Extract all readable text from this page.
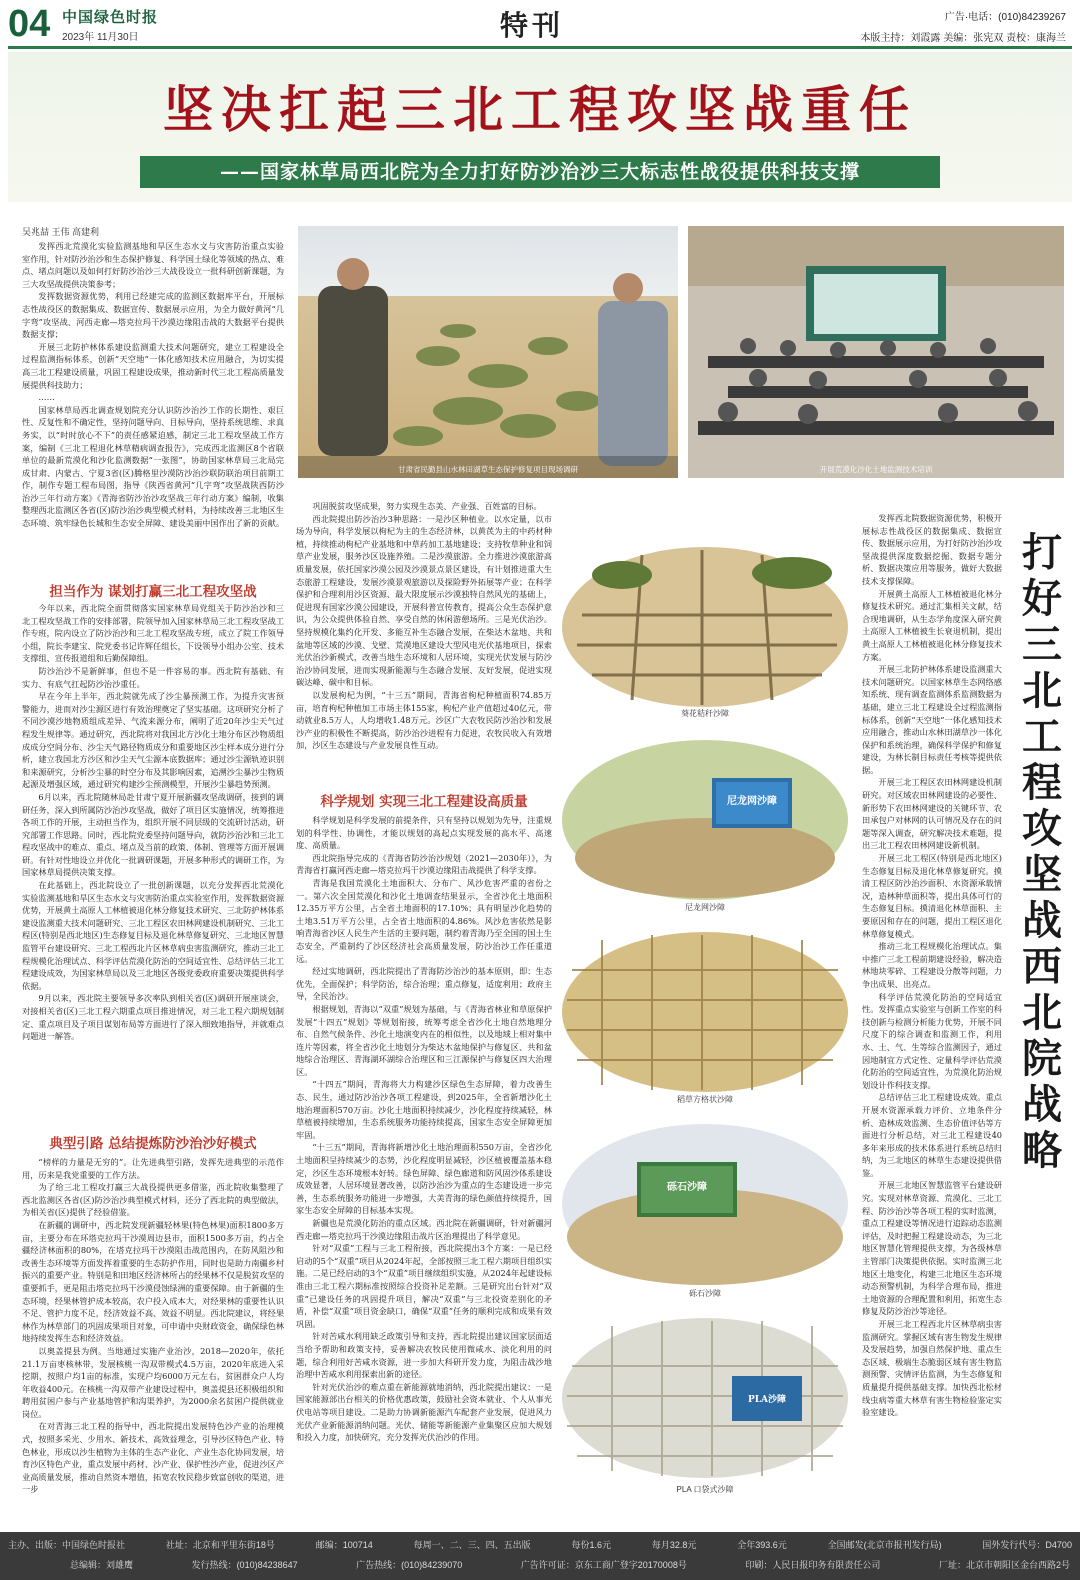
04 中国绿色时报
2023年 11月30日	特刊	广告·电话：(010)84239267
本版主持：刘霞露 美编：张宪双 责校：康海兰
坚决扛起三北工程攻坚战重任
——国家林草局西北院为全力打好防沙治沙三大标志性战役提供科技支撑
吴兆喆 王伟 高建利
甘肃省民勤县山水林田湖草生态保护修复项目现场调研	开展荒漠化沙化土地监测技术培训

发挥西北荒漠化实验监测基地和旱区生态水文与灾害防治重点实验室作用，针对防沙治沙和生态保护修复、科学国土绿化等领域的热点、难点、堵点问题以及如何打好防沙治沙三大战役设立一批科研创新课题，为三大攻坚战提供决策参考；

发挥数据资源优势，利用已经建完成的监测区数据库平台，开展标志性战役区的数据集成、数据宣传、数据展示应用，为全力做好黄河“几字弯”攻坚战、河西走廊—塔克拉玛干沙漠边缘阻击战的大数据平台提供数据支撑；

开展三北防护林体系建设监测重大技术问题研究，建立工程建设全过程监测指标体系，创新“天空地”一体化感知技术应用融合，为切实提高三北工程建设质量，巩固工程建设成果，推动新时代三北工程高质量发展提供科技助力；

……

国家林草局西北调查规划院充分认识防沙治沙工作的长期性、艰巨性、反复性和不确定性，坚持问题导向、目标导向，坚持系统思维、求真务实，以“时时放心不下”的责任感紧迫感，制定三北工程攻坚战工作方案，编制《三北工程退化林草精病调查报告》，完成西北监测区8个省联单位的最新荒漠化和沙化监测数据“一张图”，协助国家林草局三北局完成甘肃、内蒙古、宁夏3省(区)腾格里沙漠防沙治沙联防联治项目前期工作，制作专题工程布局图，指导《陕西省黄河“几字弯”攻坚战陕西防沙治沙三年行动方案》《青海省防沙治沙攻坚战三年行动方案》编制，收集整理西北监测区各省(区)防沙治沙典型模式材料，为持续改善三北地区生态环境、筑牢绿色长城和生态安全屏障、建设美丽中国作出了新的贡献。

担当作为 谋划打赢三北工程攻坚战

今年以来，西北院全面贯彻落实国家林草局党组关于防沙治沙和三北工程攻坚战工作的安排部署，院领导加入国家林草局三北工程攻坚战工作专班，院内设立了防沙治沙和三北工程攻坚战专班，成立了院工作领导小组，院长李建宝、院党委书记许辉任组长，下设领导小组办公室、技术支撑组、宣传报道组和后勤保障组。

防沙治沙不是新鲜事，但也不是一件容易的事。西北院有基础、有实力、有底气扛起防沙治沙重任。

早在今年上半年，西北院就先成了沙尘暴预测工作，为提升灾害预警能力，进而对沙尘源区进行有效治理奠定了坚实基础。这项研究分析了不同沙漠沙地物质组成差异、气流来源分布，阐明了近20年沙尘天气过程发生规律等。通过研究，西北院将对我国北方沙化土地分布区沙物质组成成分空间分布、沙尘天气路径物质成分和重要地区沙尘样本成分进行分析，建立我国北方沙区和沙尘天气尘源本底数据库；通过沙尘源轨迹识别和来源研究，分析沙尘暴的时空分布及其影响因素，追溯沙尘暴沙尘物质起源及增强区域，通过研究构建沙尘预测模型，开展沙尘暴趋势预测。

6月以来，西北院随林局赴甘肃宁夏开展新疆攻坚战调研，接到的调研任务，深入到所属防沙治沙攻坚战，做好了项目区实施情况，统筹推进各项工作的开展，主动担当作为，组织开展不同层级的交流研讨活动，研究部署工作思路。同时，西北院党委坚持问题导向，就防沙治沙和三北工程攻坚战中的难点、重点、堵点及当前的政策、体制、管理等方面开展调研。有针对性地设立并优化一批调研课题，开展多种形式的调研工作，为国家林草局提供决策支撑。

在此基础上，西北院设立了一批创新课题，以充分发挥西北荒漠化实验监测基地和旱区生态水文与灾害防治重点实验室作用，发挥数据资源优势，开展黄土高原人工林植被退化林分修复技术研究、三北防护林体系建设监测重大技术问题研究、三北工程区农田林网建设机制研究、三北工程区(特别是西北地区)生态修复目标及退化林草修复研究、三北地区智慧监管平台建设研究、三北工程西北片区林草病虫害监测研究，推动三北工程规模化治理试点、科学评估荒漠化防治的空间适宜性、总结评估三北工程建设成效，为国家林草局以及三北地区各级党委政府重要决策提供科学依据。

9月以来，西北院主要领导多次率队到相关省(区)调研开展座谈会，对接相关省(区)三北工程六期重点项目推进情况，对三北工程六期规划制定、重点项目及子项目谋划布局等方面进行了深入细致地指导，并就难点问题进一解答。

典型引路 总结提炼防沙治沙好模式

“榜样的力量是无穷的”。让先进典型引路，发挥先进典型的示范作用，历来是我党重要的工作方法。

为了给三北工程攻打赢三大战役提供更多借鉴，西北院收集整理了西北监测区各省(区)防沙治沙典型模式材料，还分了西北院的典型做法，为相关省(区)提供了经验借鉴。

在新疆的调研中，西北院发现新疆轻林果(特色林果)面积1800多万亩，主要分布在环塔克拉玛干沙漠周边县市，面积1500多万亩，约占全疆经济林面积的80%，在塔克拉玛干沙漠阻击战范围内，在防风阻沙和改善生态环境等方面发挥着重要的生态防护作用，同时也是助力南疆乡村振兴的重要产业。特别是和田地区经济林所占的经果林不仅是脱贫攻坚的重要抓手，更是阻击塔克拉玛干沙漠侵蚀绿洲的重要保障。由于新疆的生态环境，经果林管护成本较高，农户投入成本大，对经果林的重要性认识不足、管护力度不足，经济效益不高、效益不明显。西北院建议，将经果林作为林草部门的巩固成果项目对象，可申请中央财政资金，确保绿色林地持续发挥生态和经济效益。

以奥盖提县为例。当地通过实施产业治沙，2018—2020年，依托21.1万亩枣核林带，发展核桃一沟双带模式4.5万亩，2020年底进入采挖期，按照户均1亩的标准，实现户均6000万元左右，贫困群众户人均年收益400元。在核桃一沟双带产业建设过程中，奥盖提县还积极组织和聘用贫困户参与产业基地管护和沟渠养护，为2000余名贫困户提供就业岗位。

在对青海三北工程的指导中，西北院提出发展特色沙产业的治理模式，按照多采光、少用水、新技术、高效益理念，引导沙区特色产业、特色林业，形成以沙生植物为主体的生态产业化、产业生态化协同发展，培育沙区特色产业，重点发展中药材、沙产业、保护性沙产业，促进沙区产业高质量发展，推动自然资本增值，拓宽农牧民稳步致富创收的渠道，进一步

巩固脱贫攻坚成果，努力实现生态美、产业强、百姓富的目标。

西北院提出防沙治沙3种思路：一是沙区种植业。以水定量，以市场为导向，科学发展以枸杞为主的生态经济林，以黄芪为主的中药材种植，持续推动枸杞产业基地和中草药加工基地建设；支持牧草种业和饲草产业发展，服务沙区设施养殖。二是沙漠旅游。全力推进沙漠旅游高质量发展，依托国家沙漠公园及沙漠景点景区建设，有计划推进重大生态旅游工程建设，发展沙漠景观旅游以及探险野外拓展等产业；在科学保护和合理利用沙区资源、最大限度展示沙漠独特自然风光的基础上，促进现有国家沙漠公园建设，开展科普宣传教育，提高公众生态保护意识，为公众提供体验自然、享受自然的休闲游憩场所。三是光伏治沙。坚持规模化集约化开发、多能互补生态融合发展，在柴达木盆地、共和盆地等区域的沙漠、戈壁、荒漠地区建设大型风电光伏基地项目，探索光伏治沙新模式，改善当地生态环境和人居环境，实现光伏发展与防沙治沙协同发展，进而实现新能源与生态融合发展、友好发展，促进实现碳达峰、碳中和目标。

以发展枸杞为例，“十三五”期间，青海省枸杞种植面积74.85万亩，培育枸杞种植加工市场主体155家，枸杞产业产值超过40亿元，带动就业8.5万人，人均增收1.48万元。沙区广大农牧民防沙治沙和发展沙产业的积极性不断提高，防沙治沙进程有力促进，农牧民收入有效增加，沙区生态建设与产业发展良性互动。

科学规划 实现三北工程建设高质量

科学规划是科学发展的前提条件，只有坚持以规划为先导，注重规划的科学性、协调性，才能以规划的高起点实现发展的高水平、高速度、高质量。

西北院指导完成的《青海省防沙治沙规划（2021—2030年）》，为青海省打赢河西走廊—塔克拉玛干沙漠边缘阻击战提供了科学支撑。

青海是我国荒漠化土地面积大、分布广、风沙危害严重的省份之一。第六次全国荒漠化和沙化土地调查结果显示，全省沙化土地面积12.35万平方公里，占全省土地面积的17.10%；具有明显沙化趋势的土地3.51万平方公里，占全省土地面积的4.86%。风沙危害依然是影响青海省沙区人民生产生活的主要问题，制约着青海乃至全国的国土生态安全，严重制约了沙区经济社会高质量发展，防沙治沙工作任重道远。

经过实地调研，西北院提出了青海防沙治沙的基本原则，即：生态优先，全面保护；科学防治，综合治理；重点修复，适度利用；政府主导，全民治沙。

根据规划，青海以“双重”规划为基础，与《青海省林业和草原保护发展“十四五”规划》等规划衔接，统筹考虑全省沙化土地自然地理分布、自然气候条件、沙化土地演变内在的相似性，以及地域上相对集中连片等因素，将全省沙化土地划分为柴达木盆地保护与修复区、共和盆地综合治理区、青海湖环湖综合治理区和三江源保护与修复区四大治理区。

“十四五”期间，青海将大力构建沙区绿色生态屏障，着力改善生态、民生，通过防沙治沙各项工程建设，到2025年，全省新增沙化土地治理面积570万亩。沙化土地面积持续减少，沙化程度持续减轻，林草植被持续增加，生态系统服务功能持续提高，国家生态安全屏障更加牢固。

“十三五”期间，青海将新增沙化土地治理面积550万亩，全省沙化土地面积呈持续减少的态势，沙化程度明显减轻，沙区植被覆盖基本稳定，沙区生态环境根本好转。绿色屏障、绿色廊道和防风固沙体系建设成效显著，人居环境显著改善，以防沙治沙为重点的生态建设进一步完善，生态系统服务功能进一步增强，大美青海的绿色颜值持续提升，国家生态安全屏障的目标基本实现。

新疆也是荒漠化防治的重点区域。西北院在新疆调研，针对新疆河西走廊—塔克拉玛干沙漠边缘阻击战片区治理提出了科学意见。

针对“双重”工程与三北工程衔接，西北院提出3个方案：一是已经启动的5个“双重”项目从2024年起，全部按照三北工程六期项目组织实施。二是已经启动的3个“双重”项目继续组织实施，从2024年起建设标准由三北工程六期标准按照综合投资补足差额。三是研究出台针对“双重”已建设任务的巩固提升项目，解决“双重”与三北投资差别化的矛盾，补偿“双重”项目资金缺口，确保“双重”任务的顺利完成和成果有效巩固。

针对苦咸水利用缺乏政策引导和支持，西北院提出建议国家层面适当给予帮助和政策支持，妥善解决农牧民使用微咸水、淡化利用的问题，综合利用好苦咸水资源，进一步加大科研开发力度，为阻击战沙地治理中苦咸水利用探索出新的途径。

针对光伏治沙的难点重在新能源就地消纳，西北院提出建议：一是国家能源部出台相关的价格优惠政策，鼓励社会资本就业、个人从事光伏电站等项目建设。二是助力协调新能源汽车配套产业发展，促进风力光伏产业新能源消纳问题。光伏、储能等新能源产业集聚区应加大规划和投入力度，加快研究，充分发挥光伏治沙的作用。

葵花秸秆沙障
尼龙网沙障
尼龙网沙障
稻草方格状沙障
砾石沙障
砾石沙障
PLA沙障
PLA 口袋式沙障

发挥西北院数据资源优势，积极开展标志性战役区的数据集成、数据宣传、数据展示应用，为打好防沙治沙攻坚战提供深度数据挖掘、数据专题分析、数据决策应用等服务，做好大数据技术支撑保障。

开展黄土高原人工林植被退化林分修复技术研究。通过汇集相关文献，结合现地调研，从生态学角度深入研究黄土高原人工林植被生长衰退机制，提出黄土高原人工林植被退化林分修复技术方案。

开展三北防护林体系建设监测重大技术问题研究。以国家林草生态网络感知系统、现有调查监测体系监测数据为基础，建立三北工程建设全过程监测指标体系，创新“天空地”一体化感知技术应用融合，推动山水林田湖草沙一体化保护和系统治理，确保科学保护和修复建设，为林长制目标责任考核等提供依据。

开展三北工程区农田林网建设机制研究。对区域农田林网建设的必要性、新形势下农田林网建设的关键环节、农田承包户对林网的认可情况及存在的问题等深入调查，研究解决技术难题，提出三北工程农田林网建设新机制。

开展三北工程区(特别是西北地区)生态修复目标及退化林草修复研究。摸清工程区防沙治沙面积、水资源承载情况，造林种草面积等，提出具体可行的生态修复目标。摸清退化林草面积、主要原因和存在的问题，提出工程区退化林草修复模式。

推动三北工程规模化治理试点。集中推广三北工程前期建设经验，解决造林地块零碎、工程建设分散等问题，力争出成果、出亮点。

科学评估荒漠化防治的空间适宜性。发挥重点实验室与创新工作室的科技创新与检测分析能力优势，开展不同尺度下的综合调查和监测工作，利用水、土、气、生等综合监测因子，通过因地制宜方式定性、定量科学评估荒漠化防治的空间适宜性，为荒漠化防治规划设计作科技支撑。

总结评估三北工程建设成效。重点开展水资源承载力评价、立地条件分析、造林成效监测、生态价值评估等方面进行分析总结，对三北工程建设40多年来形成的技术体系进行系统总结归纳，为三北地区的林草生态建设提供借鉴。

开展三北地区智慧监管平台建设研究。实现对林草资源、荒漠化、三北工程、防沙治沙等各项工程的实时监测，重点工程建设等情况进行追踪动态监测评估，及时把握工程建设动态，为三北地区智慧化管理提供支撑，为各级林草主管部门决策提供依据。实时监测三北地区土地变化，构建三北地区生态环境动态预警机制，为科学合理布局，推进土地资源的合理配置和利用，拓宽生态修复及防沙治沙等途径。

开展三北工程西北片区林草病虫害监测研究。掌握区域有害生物发生规律及发展趋势，加强自然保护地、重点生态区域、极端生态脆弱区域有害生物监测预警、灾情评估监测，为生态修复和质量提升提供基础支撑。加快西北松材线虫病等重大林草有害生物检验鉴定实验室建设。

打好三北工程攻坚战西北院战略
主办、出版：中国绿色时报社	社址：北京和平里东街18号	邮编：100714	每周一、二、三、四、五出版	每份1.6元	每月32.8元	全年393.6元	全国邮发(北京市报刊发行局)	国外发行代号：D4700
总编辑：刘雄鹰	发行热线：(010)84238647	广告热线：(010)84239070	广告许可证：京东工商广登字20170008号	印刷：人民日报印务有限责任公司	厂址：北京市朝阳区金台西路2号
